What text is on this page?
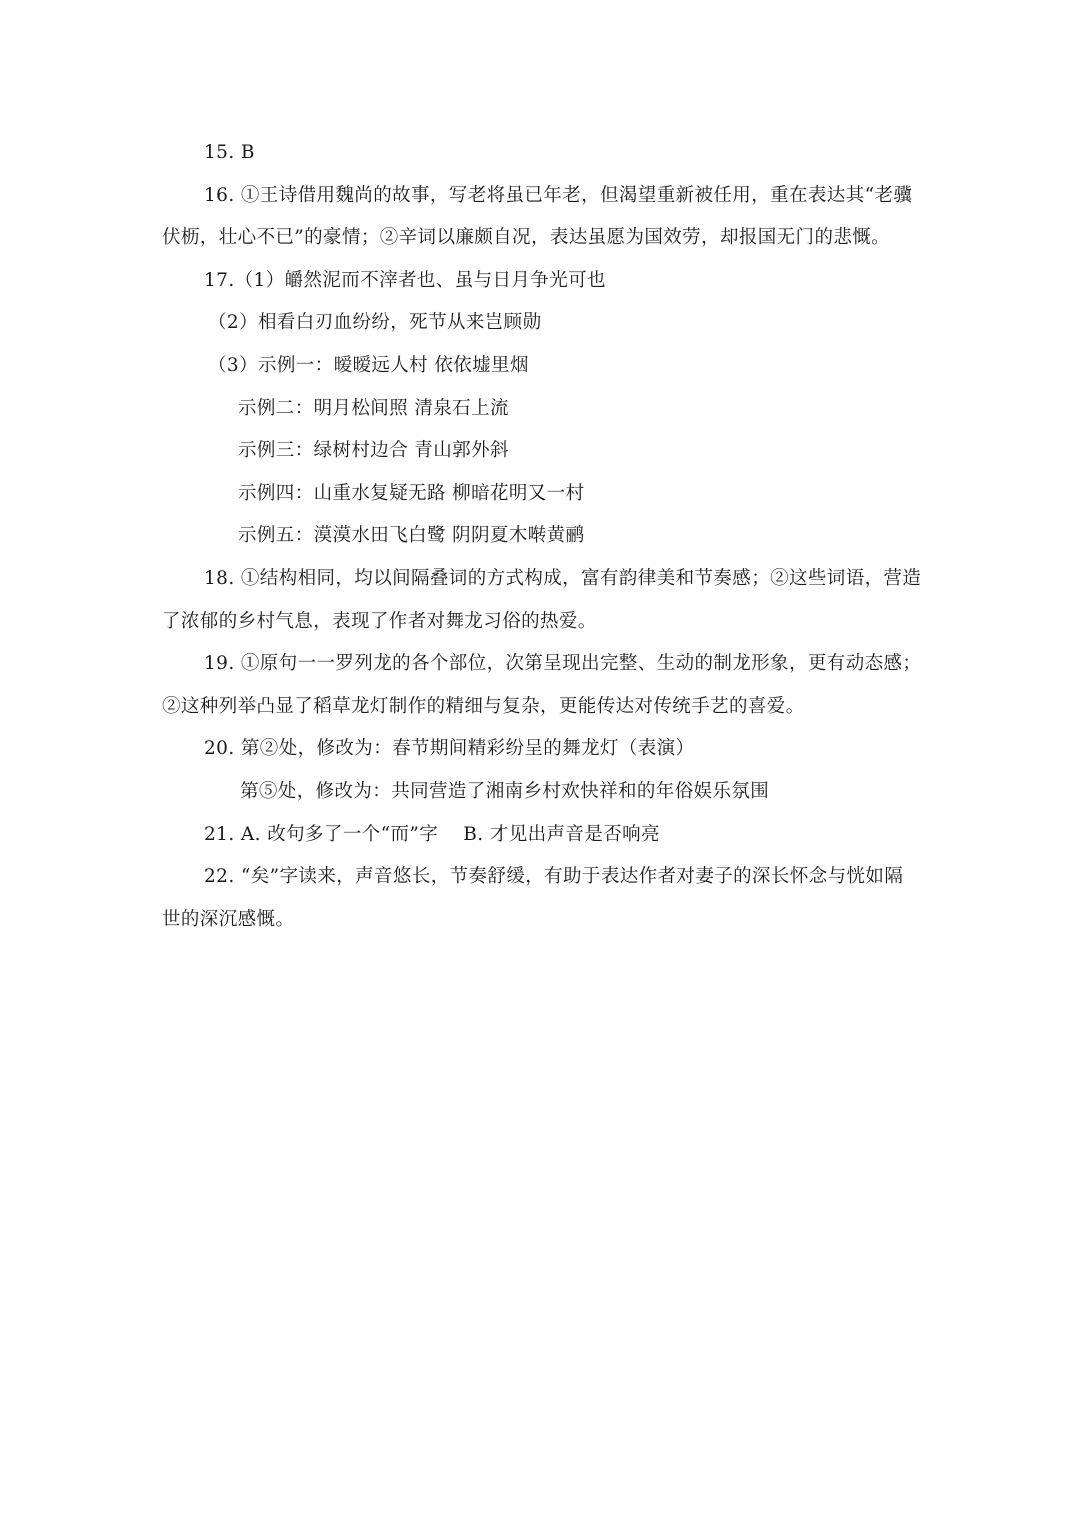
15. B
16. ①王诗借用魏尚的故事，写老将虽已年老，但渴望重新被任用，重在表达其“老骥
伏枥，壮心不已”的豪情；②辛词以廉颇自况，表达虽愿为国效劳，却报国无门的悲慨。
17.（1）皭然泥而不滓者也、虽与日月争光可也
（2）相看白刃血纷纷，死节从来岂顾勋
（3）示例一：暧暧远人村 依依墟里烟
示例二：明月松间照 清泉石上流
示例三：绿树村边合 青山郭外斜
示例四：山重水复疑无路 柳暗花明又一村
示例五：漠漠水田飞白鹭 阴阴夏木啭黄鹂
18. ①结构相同，均以间隔叠词的方式构成，富有韵律美和节奏感；②这些词语，营造
了浓郁的乡村气息，表现了作者对舞龙习俗的热爱。
19. ①原句一一罗列龙的各个部位，次第呈现出完整、生动的制龙形象，更有动态感；
②这种列举凸显了稻草龙灯制作的精细与复杂，更能传达对传统手艺的喜爱。
20. 第②处，修改为：春节期间精彩纷呈的舞龙灯（表演）
第⑤处，修改为：共同营造了湘南乡村欢快祥和的年俗娱乐氛围
21. A. 改句多了一个“而”字    B. 才见出声音是否响亮
22. “矣”字读来，声音悠长，节奏舒缓，有助于表达作者对妻子的深长怀念与恍如隔
世的深沉感慨。
